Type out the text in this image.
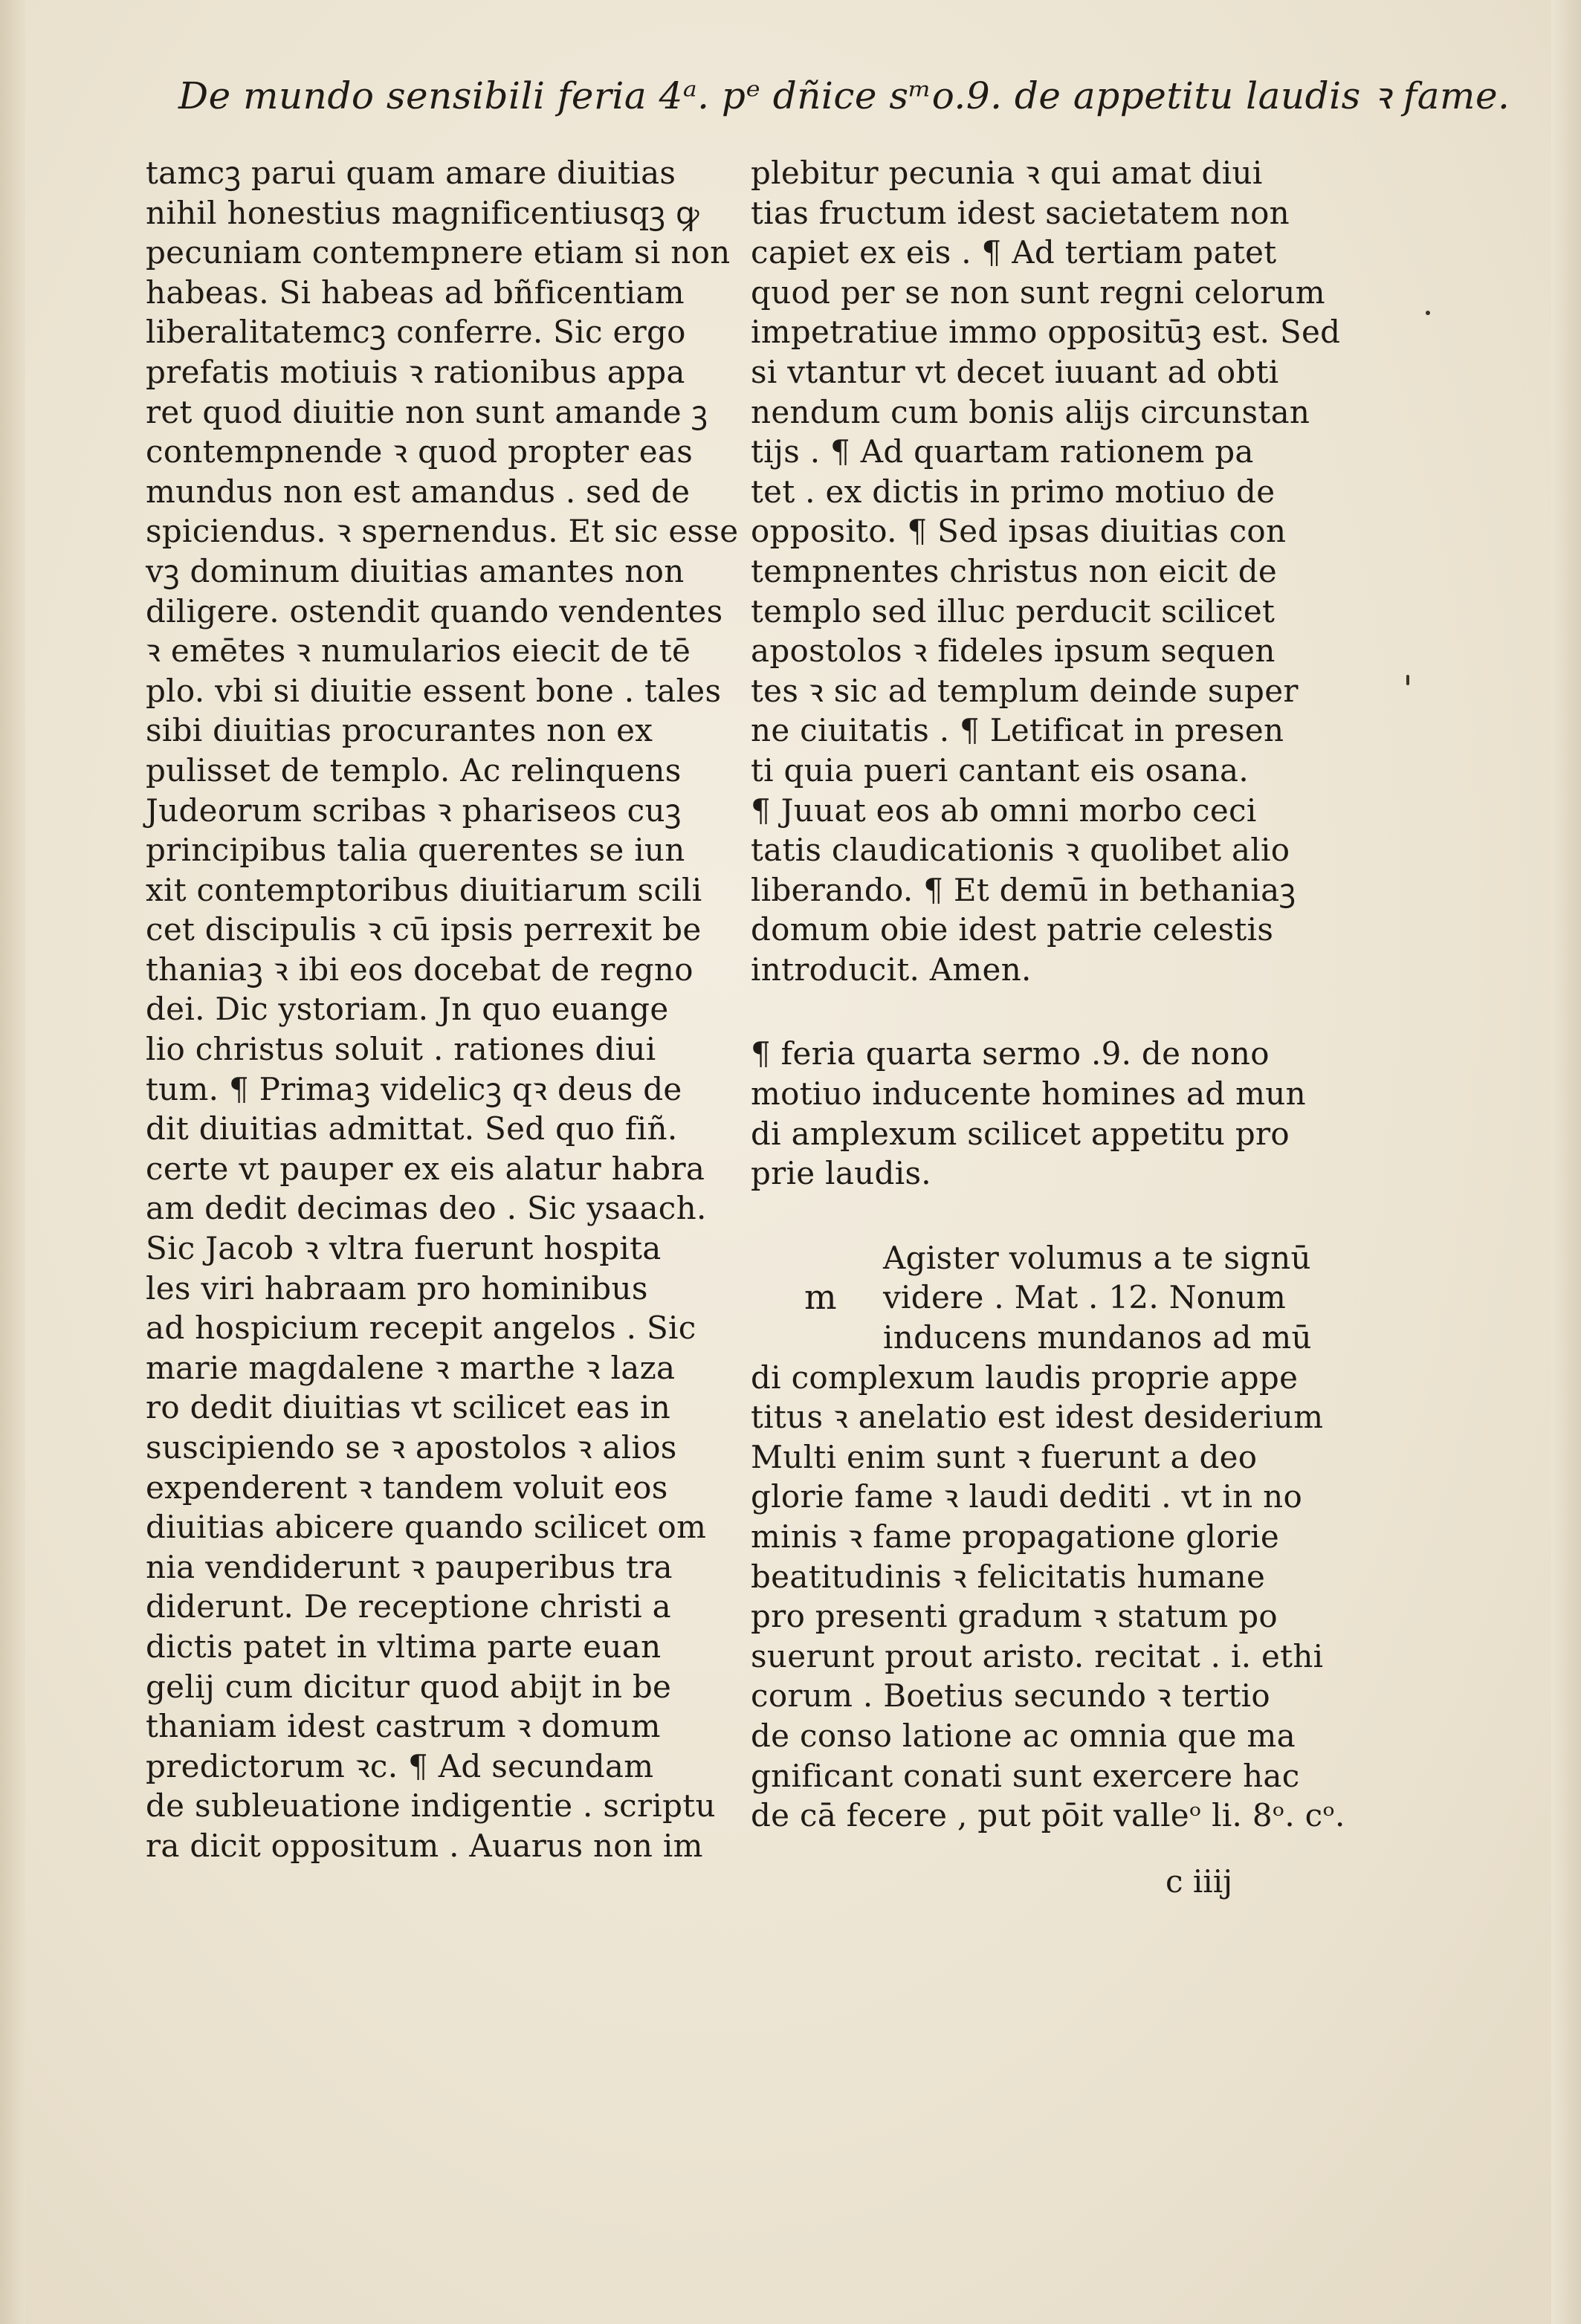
De mundo sensibili feria 4ᵃ. pᵉ dñice sᵐo.9. de appetitu laudis ꝛ fame.
tamcꝫ parui quam amare diuitias
nihil honestius magnificentiusqꝫ ꝙ
pecuniam contempnere etiam si non
habeas. Si habeas ad bñficentiam
liberalitatemcꝫ conferre. Sic ergo
prefatis motiuis ꝛ rationibus appa
ret quod diuitie non sunt amande ꝫ
contempnende ꝛ quod propter eas
mundus non est amandus . sed de
spiciendus. ꝛ spernendus. Et sic esse
vꝫ dominum diuitias amantes non
diligere. ostendit quando vendentes
ꝛ emētes ꝛ numularios eiecit de tē
plo. vbi si diuitie essent bone . tales
sibi diuitias procurantes non ex
pulisset de templo. Ac relinquens
Judeorum scribas ꝛ phariseos cuꝫ
principibus talia querentes se iun
xit contemptoribus diuitiarum scili
cet discipulis ꝛ cū ipsis perrexit be
thaniaꝫ ꝛ ibi eos docebat de regno
dei. Dic ystoriam. Jn quo euange
lio christus soluit . rationes diui
tum. ¶ Primaꝫ videlicꝫ qꝛ deus de
dit diuitias admittat. Sed quo fiñ.
certe vt pauper ex eis alatur habra
am dedit decimas deo . Sic ysaach.
Sic Jacob ꝛ vltra fuerunt hospita
les viri habraam pro hominibus
ad hospicium recepit angelos . Sic
marie magdalene ꝛ marthe ꝛ laza
ro dedit diuitias vt scilicet eas in
suscipiendo se ꝛ apostolos ꝛ alios
expenderent ꝛ tandem voluit eos
diuitias abicere quando scilicet om
nia vendiderunt ꝛ pauperibus tra
diderunt. De receptione christi a
dictis patet in vltima parte euan
gelij cum dicitur quod abijt in be
thaniam idest castrum ꝛ domum
predictorum ꝛc. ¶ Ad secundam
de subleuatione indigentie . scriptu
ra dicit oppositum . Auarus non im
plebitur pecunia ꝛ qui amat diui
tias fructum idest sacietatem non
capiet ex eis . ¶ Ad tertiam patet
quod per se non sunt regni celorum
impetratiue immo oppositūꝫ est. Sed
si vtantur vt decet iuuant ad obti
nendum cum bonis alijs circunstan
tijs . ¶ Ad quartam rationem pa
tet . ex dictis in primo motiuo de
opposito. ¶ Sed ipsas diuitias con
tempnentes christus non eicit de
templo sed illuc perducit scilicet
apostolos ꝛ fideles ipsum sequen
tes ꝛ sic ad templum deinde super
ne ciuitatis . ¶ Letificat in presen
ti quia pueri cantant eis osana.
¶ Juuat eos ab omni morbo ceci
tatis claudicationis ꝛ quolibet alio
liberando. ¶ Et demū in bethaniaꝫ
domum obie idest patrie celestis
introducit. Amen.
¶ feria quarta sermo .9. de nono
motiuo inducente homines ad mun
di amplexum scilicet appetitu pro
prie laudis.
Agister volumus a te signū
m	videre . Mat . 12. Nonum
inducens mundanos ad mū
di complexum laudis proprie appe
titus ꝛ anelatio est idest desiderium
Multi enim sunt ꝛ fuerunt a deo
glorie fame ꝛ laudi dediti . vt in no
minis ꝛ fame propagatione glorie
beatitudinis ꝛ felicitatis humane
pro presenti gradum ꝛ statum po
suerunt prout aristo. recitat . i. ethi
corum . Boetius secundo ꝛ tertio
de conso latione ac omnia que ma
gnificant conati sunt exercere hac
de cā fecere , put pōit valleᵒ li. 8ᵒ. cᵒ.
c iiij
